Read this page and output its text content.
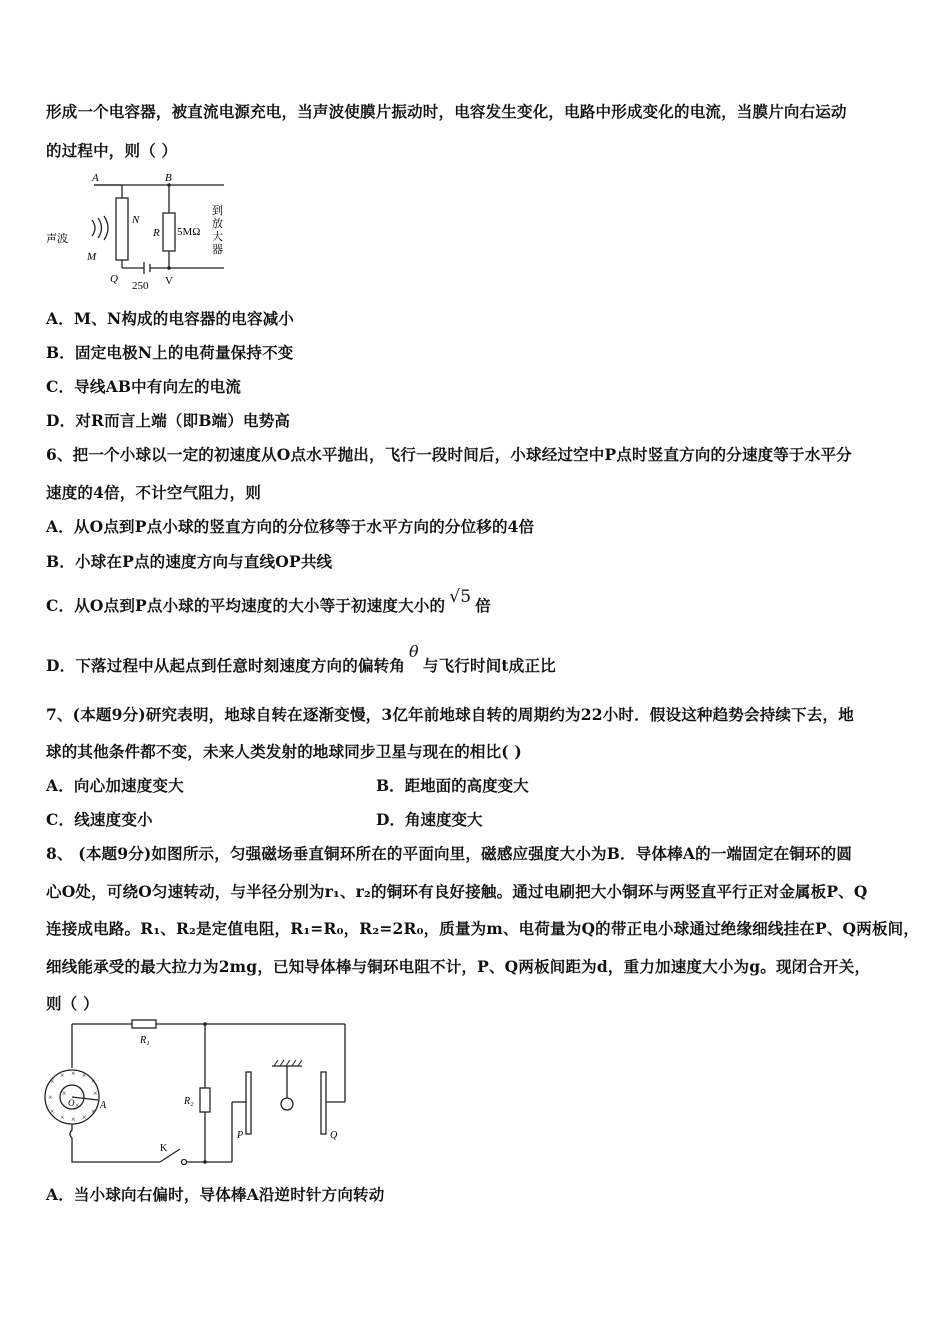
形成一个电容器，被直流电源充电，当声波使膜片振动时，电容发生变化，电路中形成变化的电流，当膜片向右运动
的过程中，则（ ）
A	B
N
R 5MΩ
声波
M
Q
250 V
到
放
大
器
A．M、N构成的电容器的电容减小
B．固定电极N上的电荷量保持不变
C．导线AB中有向左的电流
D．对R而言上端（即B端）电势高
6、把一个小球以一定的初速度从O点水平抛出，飞行一段时间后，小球经过空中P点时竖直方向的分速度等于水平分
速度的4倍，不计空气阻力，则
A．从O点到P点小球的竖直方向的分位移等于水平方向的分位移的4倍
B．小球在P点的速度方向与直线OP共线
C．从O点到P点小球的平均速度的大小等于初速度大小的 √5 倍
D．下落过程中从起点到任意时刻速度方向的偏转角θ与飞行时间t成正比
7、(本题9分)研究表明，地球自转在逐渐变慢，3亿年前地球自转的周期约为22小时．假设这种趋势会持续下去，地
球的其他条件都不变，未来人类发射的地球同步卫星与现在的相比( )
A．向心加速度变大	B．距地面的高度变大
C．线速度变小	D．角速度变大
8、 (本题9分)如图所示，匀强磁场垂直铜环所在的平面向里，磁感应强度大小为B．导体棒A的一端固定在铜环的圆
心O处，可绕O匀速转动，与半径分别为r₁、r₂的铜环有良好接触。通过电刷把大小铜环与两竖直平行正对金属板P、Q
连接成电路。R₁、R₂是定值电阻，R₁=R₀，R₂=2R₀，质量为m、电荷量为Q的带正电小球通过绝缘细线挂在P、Q两板间，
细线能承受的最大拉力为2mg，已知导体棒与铜环电阻不计，P、Q两板间距为d，重力加速度大小为g。现闭合开关，
则（ ）
×
× × ×
×
×	×
×
× × ×
×
×
×
R₁
R₂
K
P	Q
A
O
A．当小球向右偏时，导体棒A沿逆时针方向转动
